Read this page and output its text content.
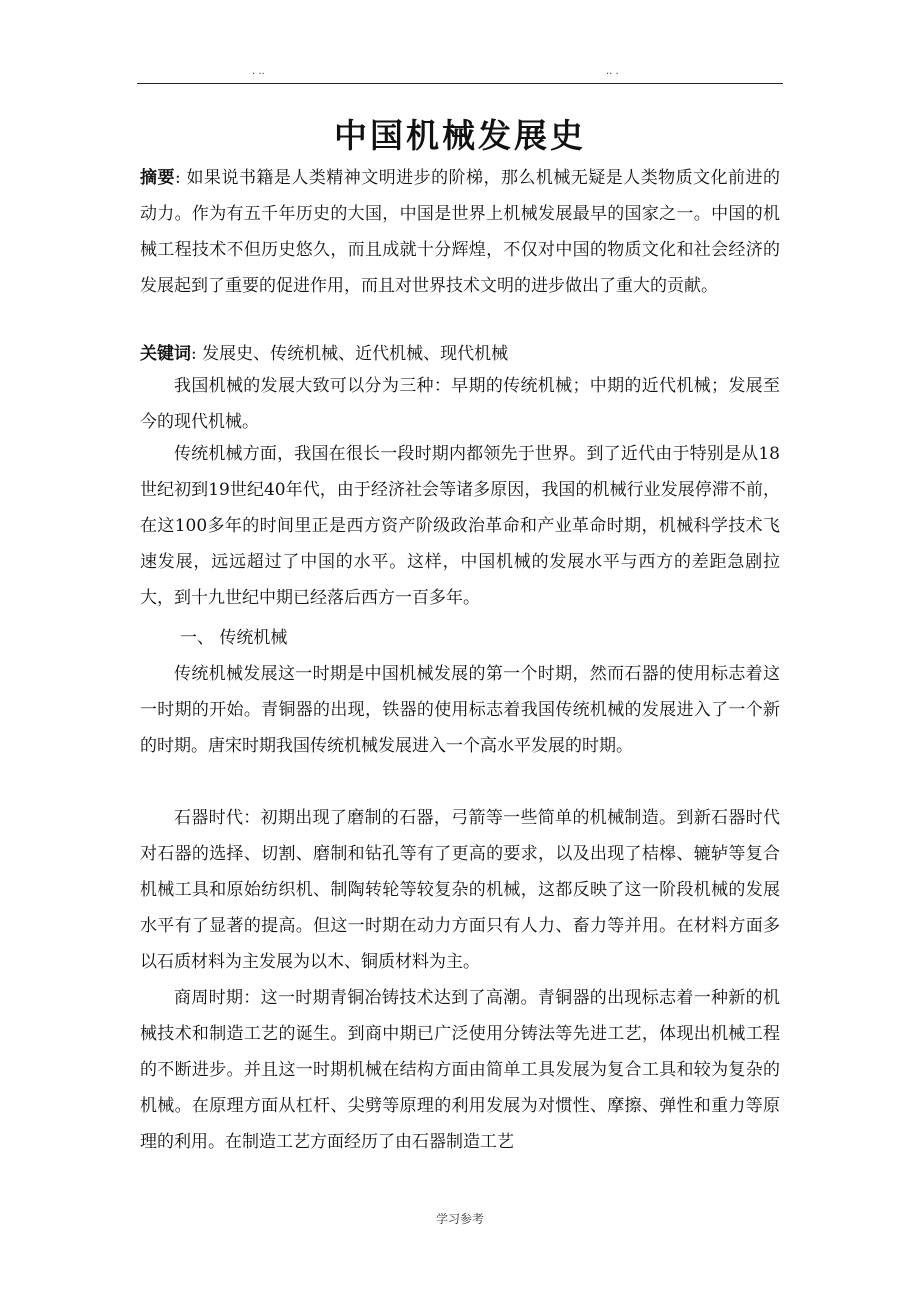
. ..	.. .
中国机械发展史
摘要: 如果说书籍是人类精神文明进步的阶梯，那么机械无疑是人类物质文化前进的动力。作为有五千年历史的大国，中国是世界上机械发展最早的国家之一。中国的机械工程技术不但历史悠久，而且成就十分辉煌，不仅对中国的物质文化和社会经济的发展起到了重要的促进作用，而且对世界技术文明的进步做出了重大的贡献。
关键词: 发展史、传统机械、近代机械、现代机械
我国机械的发展大致可以分为三种：早期的传统机械；中期的近代机械；发展至今的现代机械。
传统机械方面，我国在很长一段时期内都领先于世界。到了近代由于特别是从18世纪初到19世纪40年代，由于经济社会等诸多原因，我国的机械行业发展停滞不前，在这100多年的时间里正是西方资产阶级政治革命和产业革命时期，机械科学技术飞速发展，远远超过了中国的水平。这样，中国机械的发展水平与西方的差距急剧拉大，到十九世纪中期已经落后西方一百多年。
一、 传统机械
传统机械发展这一时期是中国机械发展的第一个时期，然而石器的使用标志着这一时期的开始。青铜器的出现，铁器的使用标志着我国传统机械的发展进入了一个新的时期。唐宋时期我国传统机械发展进入一个高水平发展的时期。
石器时代：初期出现了磨制的石器，弓箭等一些简单的机械制造。到新石器时代对石器的选择、切割、磨制和钻孔等有了更高的要求，以及出现了桔槔、辘轳等复合机械工具和原始纺织机、制陶转轮等较复杂的机械，这都反映了这一阶段机械的发展水平有了显著的提高。但这一时期在动力方面只有人力、畜力等并用。在材料方面多以石质材料为主发展为以木、铜质材料为主。
商周时期：这一时期青铜冶铸技术达到了高潮。青铜器的出现标志着一种新的机械技术和制造工艺的诞生。到商中期已广泛使用分铸法等先进工艺，体现出机械工程的不断进步。并且这一时期机械在结构方面由简单工具发展为复合工具和较为复杂的机械。在原理方面从杠杆、尖劈等原理的利用发展为对惯性、摩擦、弹性和重力等原理的利用。在制造工艺方面经历了由石器制造工艺
学习参考
